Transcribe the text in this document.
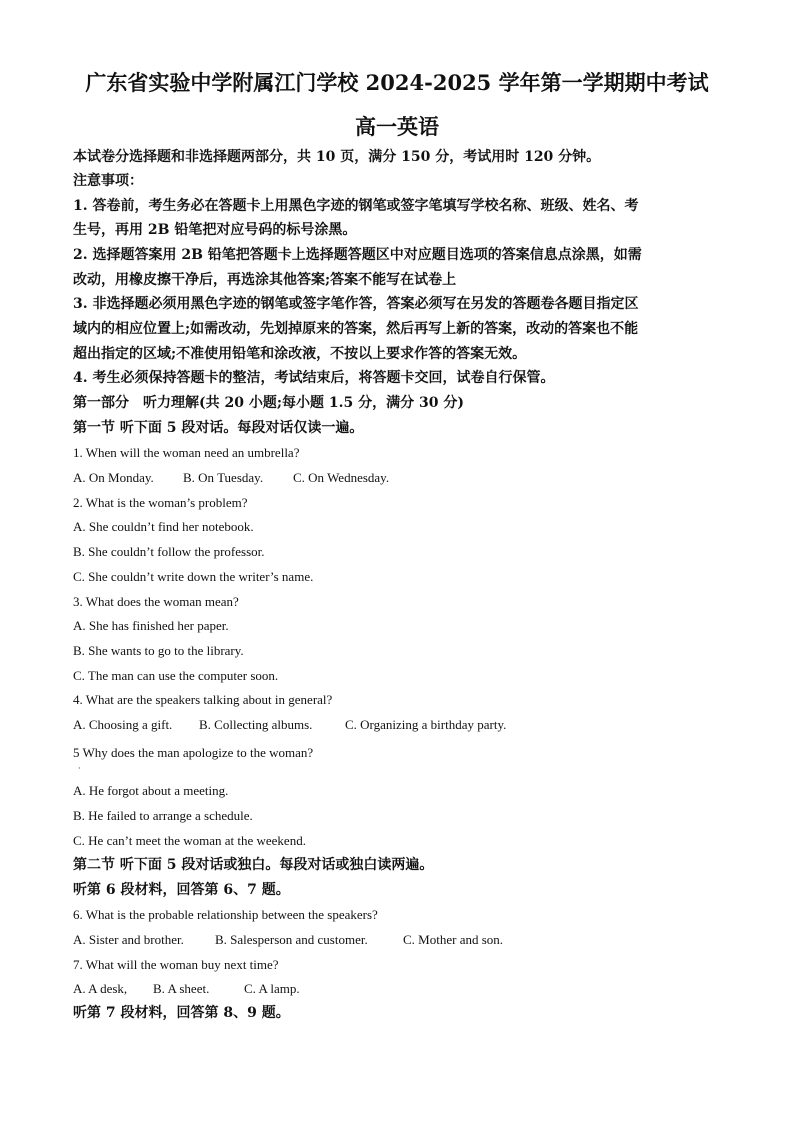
广东省实验中学附属江门学校 2024-2025 学年第一学期期中考试
高一英语
本试卷分选择题和非选择题两部分，共 10 页，满分 150 分，考试用时 120 分钟。
注意事项：
1. 答卷前，考生务必在答题卡上用黑色字迹的钢笔或签字笔填写学校名称、班级、姓名、考
生号，再用 2B 铅笔把对应号码的标号涂黑。
2. 选择题答案用 2B 铅笔把答题卡上选择题答题区中对应题目选项的答案信息点涂黑，如需
改动，用橡皮擦干净后，再选涂其他答案;答案不能写在试卷上
3. 非选择题必须用黑色字迹的钢笔或签字笔作答，答案必须写在另发的答题卷各题目指定区
域内的相应位置上;如需改动，先划掉原来的答案，然后再写上新的答案，改动的答案也不能
超出指定的区域;不准使用铅笔和涂改液，不按以上要求作答的答案无效。
4. 考生必须保持答题卡的整洁，考试结束后，将答题卡交回，试卷自行保管。
第一部分　听力理解(共 20 小题;每小题 1.5 分，满分 30 分)
第一节 听下面 5 段对话。每段对话仅读一遍。
1. When will the woman need an umbrella?
A. On Monday. B. On Tuesday. C. On Wednesday.
2. What is the woman’s problem?
A. She couldn’t find her notebook.
B. She couldn’t follow the professor.
C. She couldn’t write down the writer’s name.
3. What does the woman mean?
A. She has finished her paper.
B. She wants to go to the library.
C. The man can use the computer soon.
4. What are the speakers talking about in general?
A. Choosing a gift. B. Collecting albums.	C. Organizing a birthday party.
5 Why does the man apologize to the woman?
·
A. He forgot about a meeting.
B. He failed to arrange a schedule.
C. He can’t meet the woman at the weekend.
第二节 听下面 5 段对话或独白。每段对话或独白读两遍。
听第 6 段材料，回答第 6、7 题。
6. What is the probable relationship between the speakers?
A. Sister and brother. B. Salesperson and customer.	C. Mother and son.
7. What will the woman buy next time?
A. A desk, B. A sheet.	C. A lamp.
听第 7 段材料，回答第 8、9 题。
